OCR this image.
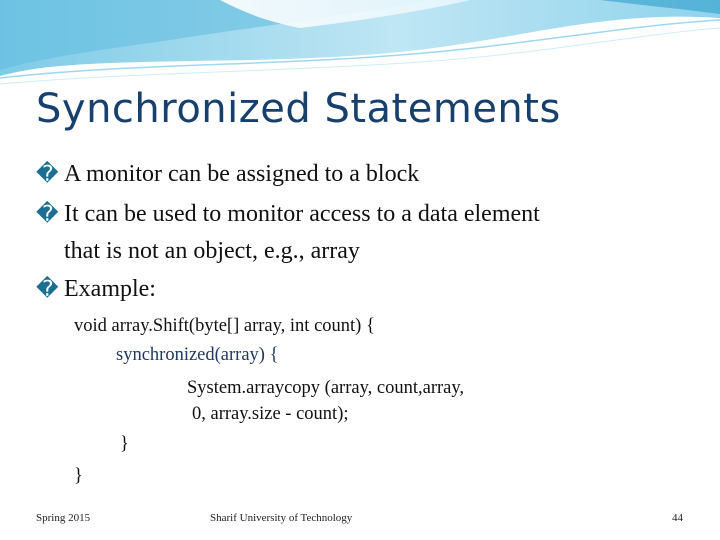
Synchronized Statements
� A monitor can be assigned to a block
� It can be used to monitor access to a data element
that is not an object, e.g., array
� Example:
void array.Shift(byte[] array, int count) {
synchronized(array) {
System.arraycopy (array, count,array,
0, array.size - count);
}
}
Spring 2015	Sharif University of Technology	44
